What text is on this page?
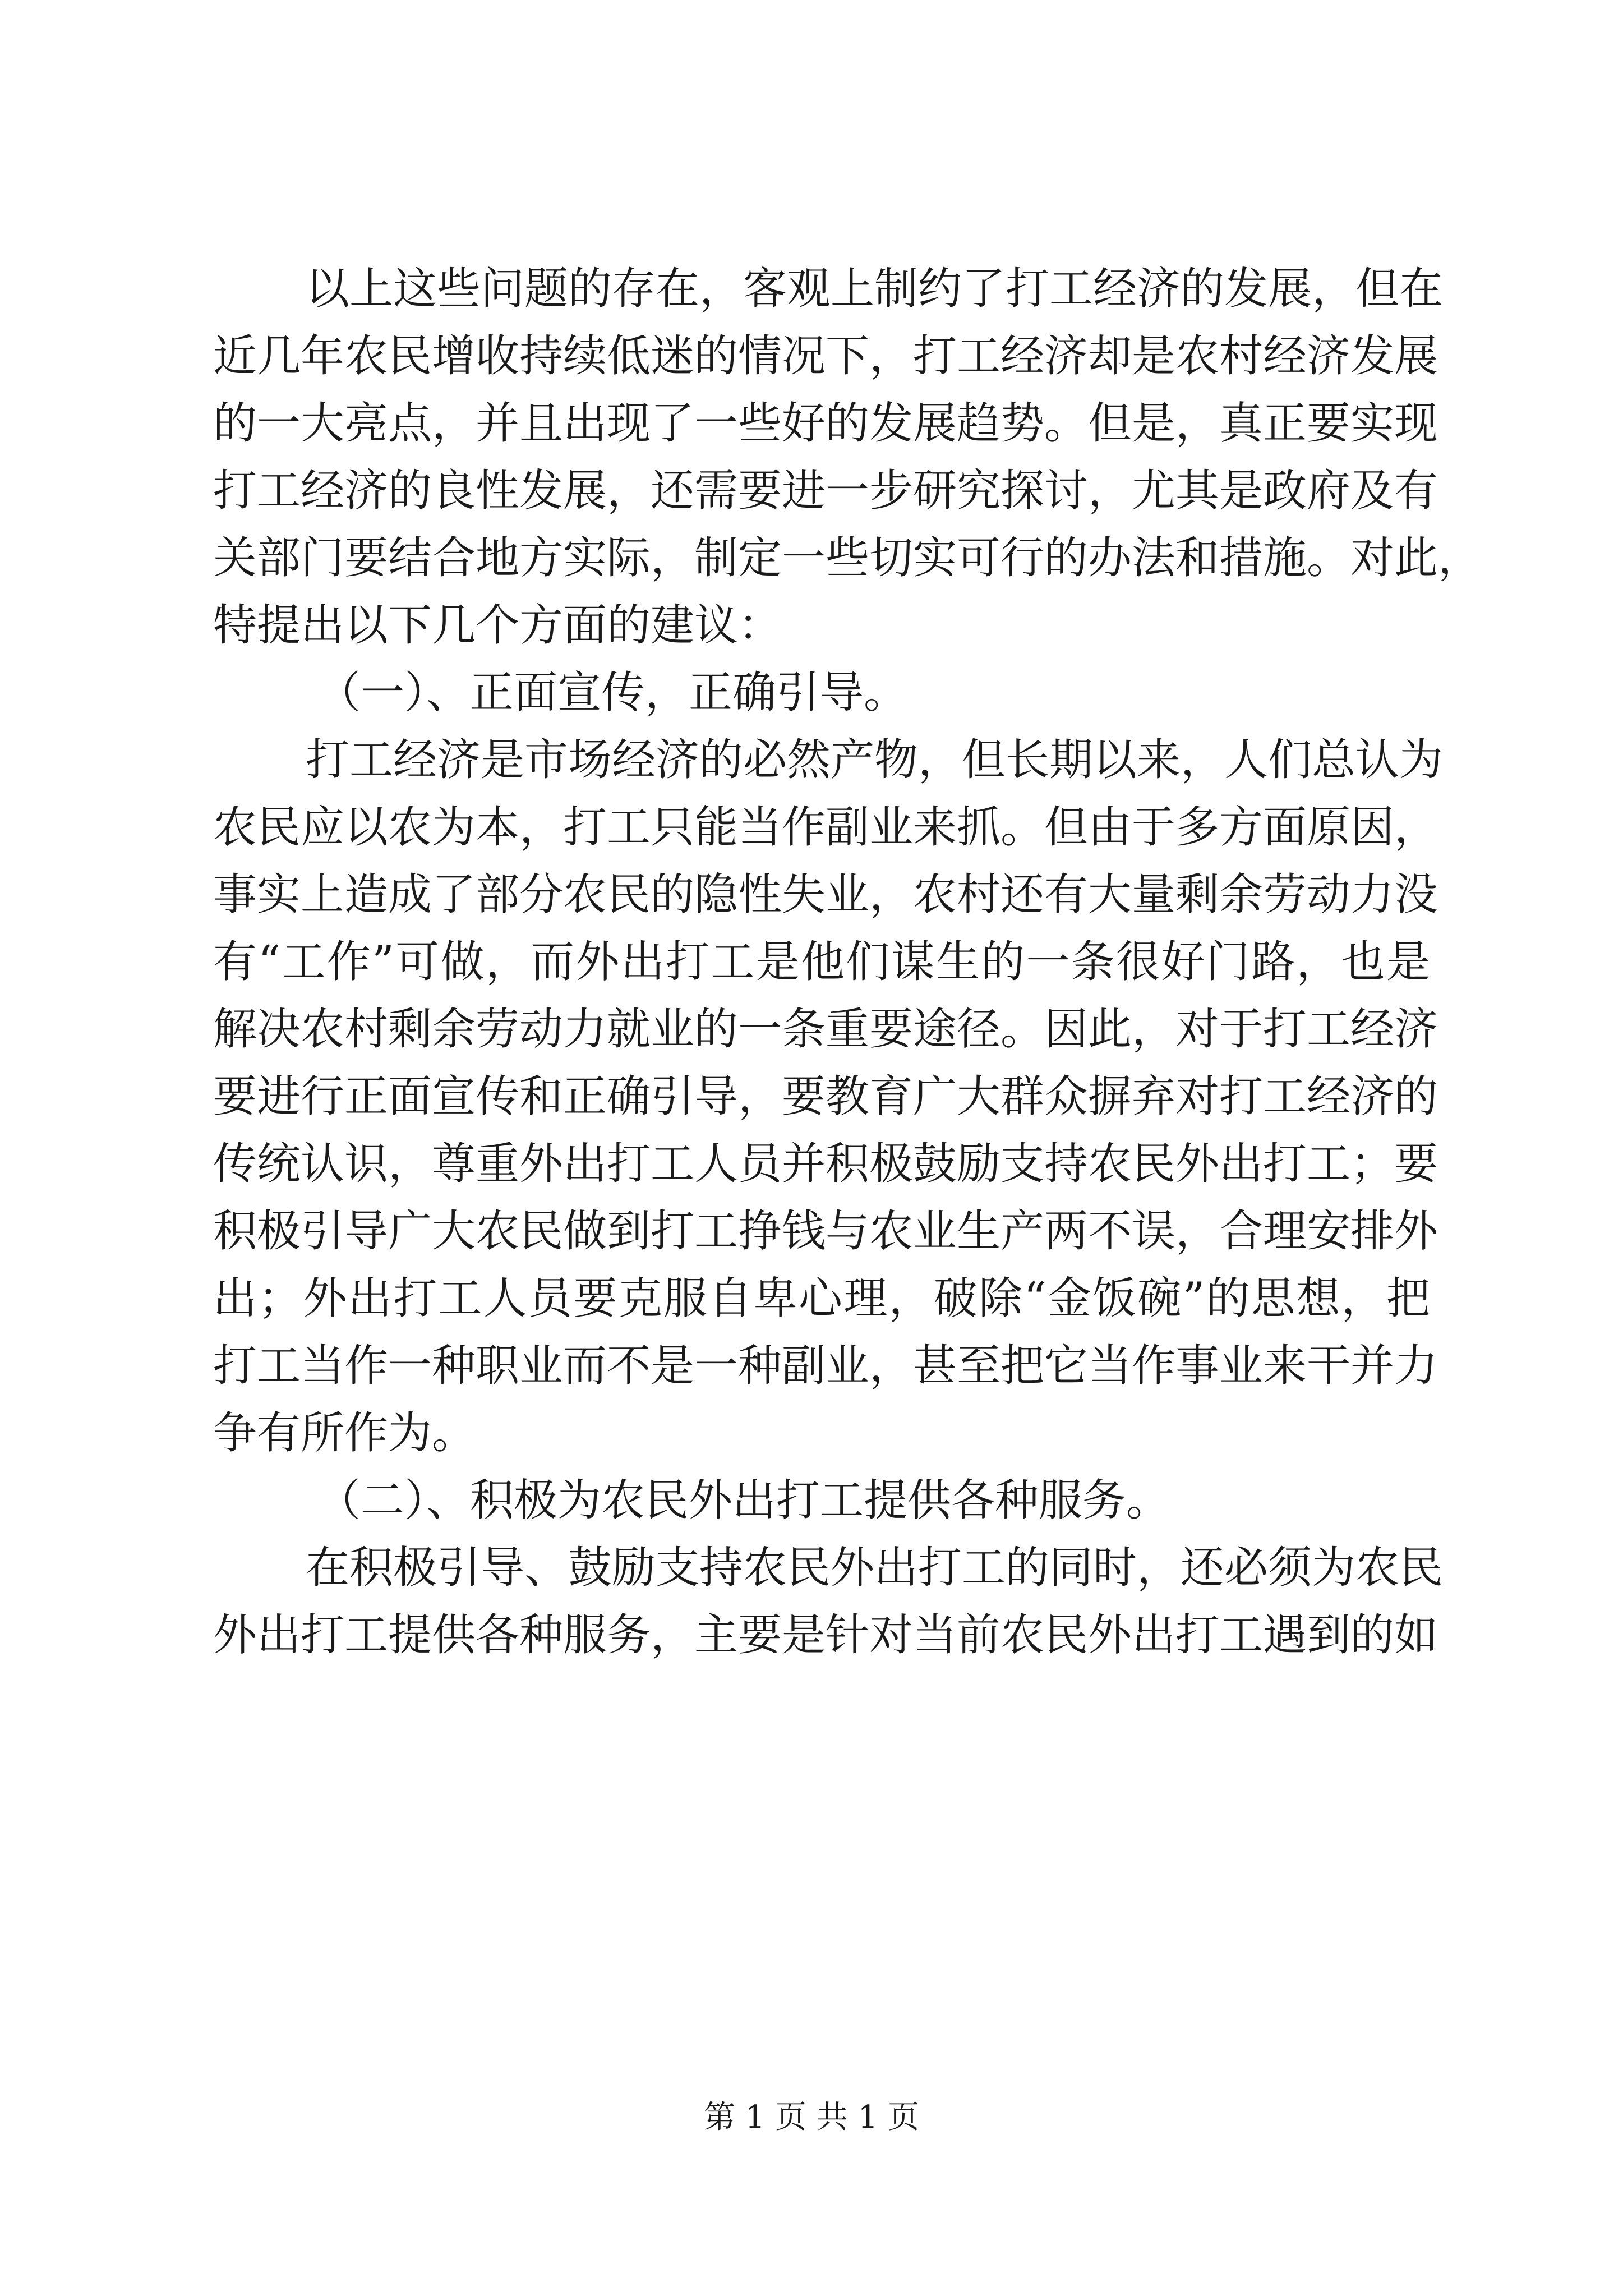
以上这些问题的存在，客观上制约了打工经济的发展，但在
近几年农民增收持续低迷的情况下，打工经济却是农村经济发展
的一大亮点，并且出现了一些好的发展趋势。但是，真正要实现
打工经济的良性发展，还需要进一步研究探讨，尤其是政府及有
关部门要结合地方实际，制定一些切实可行的办法和措施。对此，
特提出以下几个方面的建议：
（一）、正面宣传，正确引导。
打工经济是市场经济的必然产物，但长期以来，人们总认为
农民应以农为本，打工只能当作副业来抓。但由于多方面原因，
事实上造成了部分农民的隐性失业，农村还有大量剩余劳动力没
有“工作”可做，而外出打工是他们谋生的一条很好门路，也是
解决农村剩余劳动力就业的一条重要途径。因此，对于打工经济
要进行正面宣传和正确引导，要教育广大群众摒弃对打工经济的
传统认识，尊重外出打工人员并积极鼓励支持农民外出打工；要
积极引导广大农民做到打工挣钱与农业生产两不误，合理安排外
出；外出打工人员要克服自卑心理，破除“金饭碗”的思想，把
打工当作一种职业而不是一种副业，甚至把它当作事业来干并力
争有所作为。
（二）、积极为农民外出打工提供各种服务。
在积极引导、鼓励支持农民外出打工的同时，还必须为农民
外出打工提供各种服务，主要是针对当前农民外出打工遇到的如
第 1 页 共 1 页
